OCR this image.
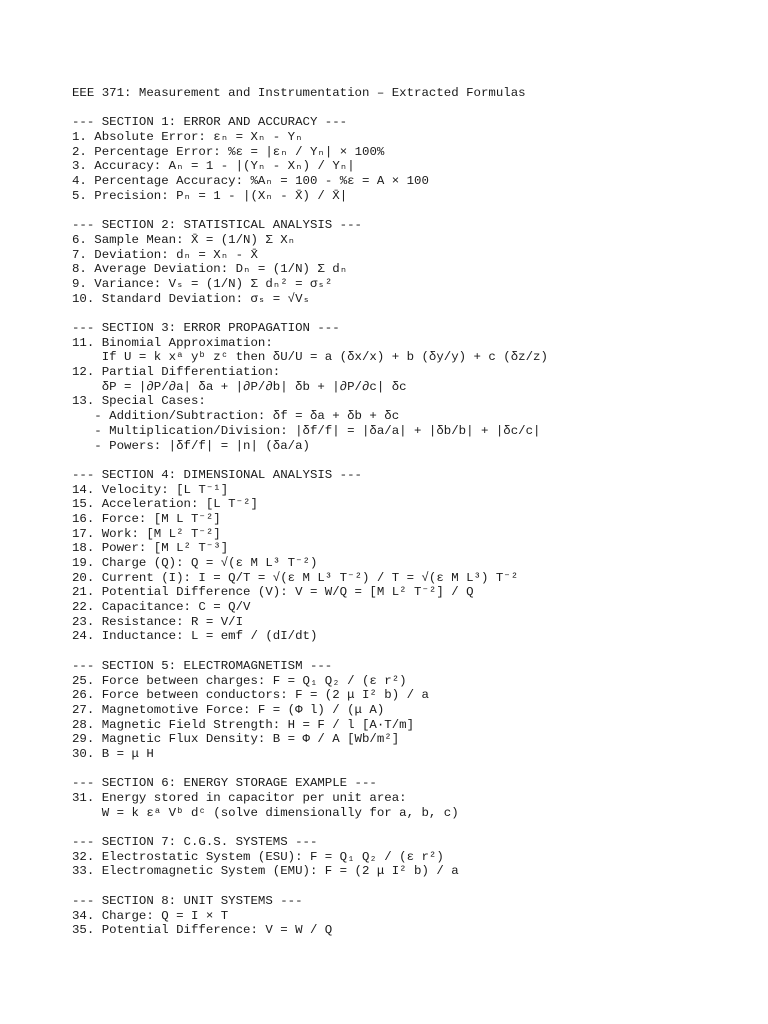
EEE 371: Measurement and Instrumentation – Extracted Formulas
--- SECTION 1: ERROR AND ACCURACY ---
1. Absolute Error: εₙ = Xₙ - Yₙ
2. Percentage Error: %ε = |εₙ / Yₙ| × 100%
3. Accuracy: Aₙ = 1 - |(Yₙ - Xₙ) / Yₙ|
4. Percentage Accuracy: %Aₙ = 100 - %ε = A × 100
5. Precision: Pₙ = 1 - |(Xₙ - X̄) / X̄|
--- SECTION 2: STATISTICAL ANALYSIS ---
6. Sample Mean: X̄ = (1/N) Σ Xₙ
7. Deviation: dₙ = Xₙ - X̄
8. Average Deviation: Dₙ = (1/N) Σ dₙ
9. Variance: Vₛ = (1/N) Σ dₙ² = σₛ²
10. Standard Deviation: σₛ = √Vₛ
--- SECTION 3: ERROR PROPAGATION ---
11. Binomial Approximation:
If U = k xᵃ yᵇ zᶜ then δU/U = a (δx/x) + b (δy/y) + c (δz/z)
12. Partial Differentiation:
δP = |∂P/∂a| δa + |∂P/∂b| δb + |∂P/∂c| δc
13. Special Cases:
- Addition/Subtraction: δf = δa + δb + δc
- Multiplication/Division: |δf/f| = |δa/a| + |δb/b| + |δc/c|
- Powers: |δf/f| = |n| (δa/a)
--- SECTION 4: DIMENSIONAL ANALYSIS ---
14. Velocity: [L T⁻¹]
15. Acceleration: [L T⁻²]
16. Force: [M L T⁻²]
17. Work: [M L² T⁻²]
18. Power: [M L² T⁻³]
19. Charge (Q): Q = √(ε M L³ T⁻²)
20. Current (I): I = Q/T = √(ε M L³ T⁻²) / T = √(ε M L³) T⁻²
21. Potential Difference (V): V = W/Q = [M L² T⁻²] / Q
22. Capacitance: C = Q/V
23. Resistance: R = V/I
24. Inductance: L = emf / (dI/dt)
--- SECTION 5: ELECTROMAGNETISM ---
25. Force between charges: F = Q₁ Q₂ / (ε r²)
26. Force between conductors: F = (2 μ I² b) / a
27. Magnetomotive Force: F = (Φ l) / (μ A)
28. Magnetic Field Strength: H = F / l [A·T/m]
29. Magnetic Flux Density: B = Φ / A [Wb/m²]
30. B = μ H
--- SECTION 6: ENERGY STORAGE EXAMPLE ---
31. Energy stored in capacitor per unit area:
W = k εᵃ Vᵇ dᶜ (solve dimensionally for a, b, c)
--- SECTION 7: C.G.S. SYSTEMS ---
32. Electrostatic System (ESU): F = Q₁ Q₂ / (ε r²)
33. Electromagnetic System (EMU): F = (2 μ I² b) / a
--- SECTION 8: UNIT SYSTEMS ---
34. Charge: Q = I × T
35. Potential Difference: V = W / Q
